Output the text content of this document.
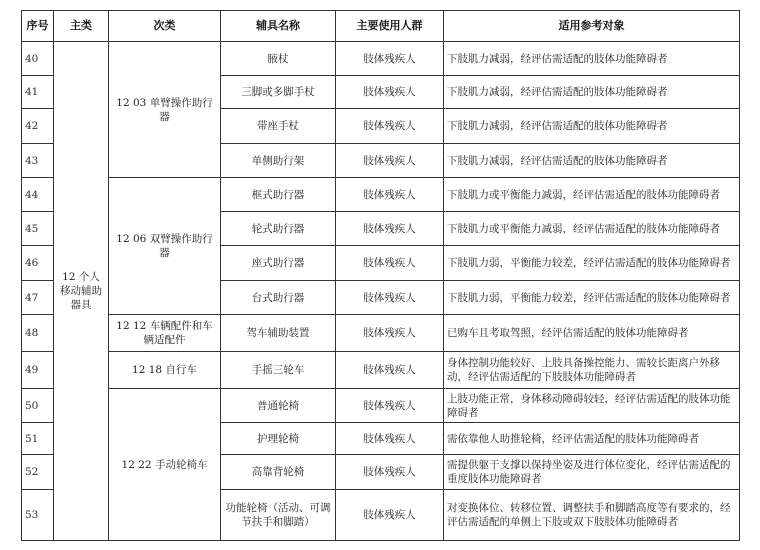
序号	主类	次类	辅具名称	主要使用人群	适用参考对象
40	12 个人移动辅助器具	12 03 单臂操作助行器	腋杖	肢体残疾人	下肢肌力减弱，经评估需适配的肢体功能障碍者
41			三脚或多脚手杖	肢体残疾人	下肢肌力减弱，经评估需适配的肢体功能障碍者
42			带座手杖	肢体残疾人	下肢肌力减弱，经评估需适配的肢体功能障碍者
43			单侧助行架	肢体残疾人	下肢肌力减弱，经评估需适配的肢体功能障碍者
44		12 06 双臂操作助行器	框式助行器	肢体残疾人	下肢肌力或平衡能力减弱，经评估需适配的肢体功能障碍者
45			轮式助行器	肢体残疾人	下肢肌力或平衡能力减弱，经评估需适配的肢体功能障碍者
46			座式助行器	肢体残疾人	下肢肌力弱，平衡能力较差，经评估需适配的肢体功能障碍者
47			台式助行器	肢体残疾人	下肢肌力弱，平衡能力较差，经评估需适配的肢体功能障碍者
48		12 12 车辆配件和车辆适配件	驾车辅助装置	肢体残疾人	已购车且考取驾照，经评估需适配的肢体功能障碍者
49		12 18 自行车	手摇三轮车	肢体残疾人	身体控制功能较好、上肢具备操控能力、需较长距离户外移动，经评估需适配的下肢肢体功能障碍者
50		12 22 手动轮椅车	普通轮椅	肢体残疾人	上肢功能正常，身体移动障碍较轻，经评估需适配的肢体功能障碍者
51			护理轮椅	肢体残疾人	需依靠他人助推轮椅，经评估需适配的肢体功能障碍者
52			高靠背轮椅	肢体残疾人	需提供躯干支撑以保持坐姿及进行体位变化，经评估需适配的重度肢体功能障碍者
53			功能轮椅（活动、可调节扶手和脚踏）	肢体残疾人	对变换体位、转移位置、调整扶手和脚踏高度等有要求的，经评估需适配的单侧上下肢或双下肢肢体功能障碍者
